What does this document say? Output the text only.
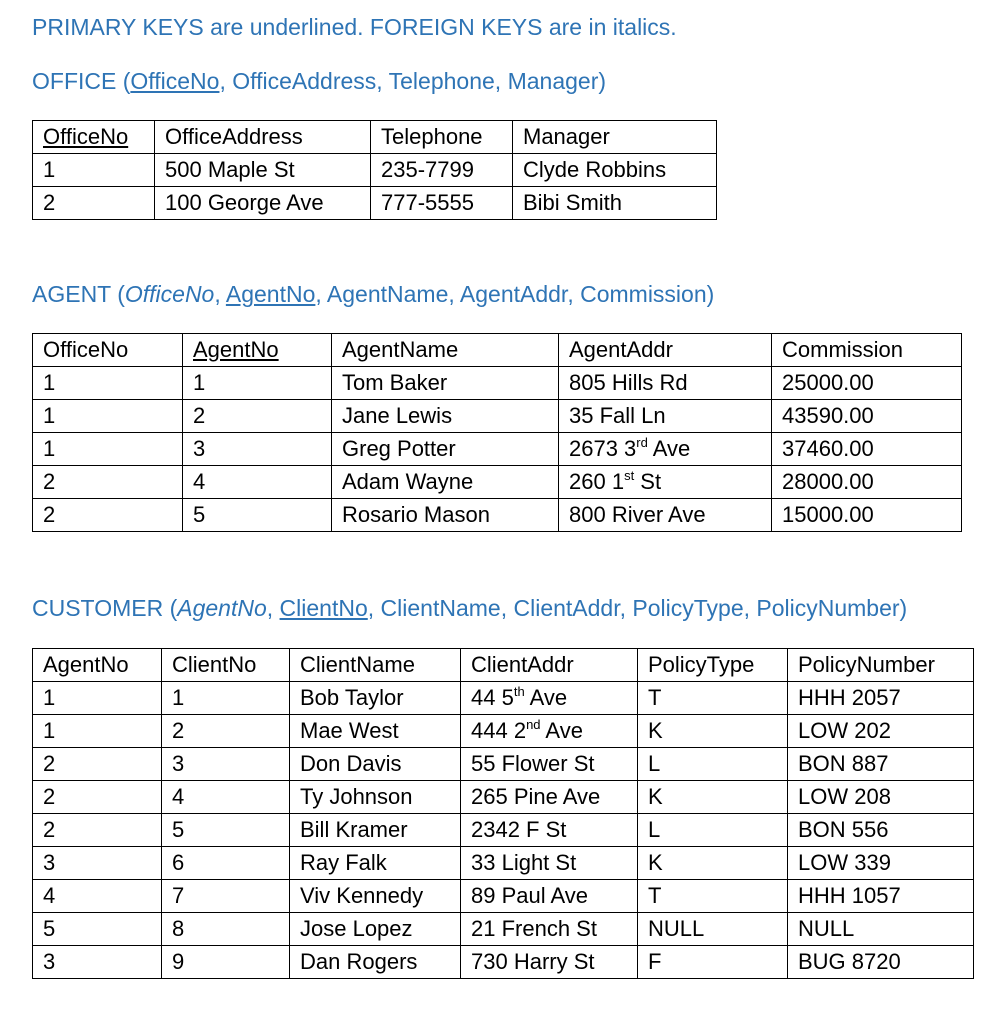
PRIMARY KEYS are underlined. FOREIGN KEYS are in italics.
OFFICE (OfficeNo, OfficeAddress, Telephone, Manager)
OfficeNo	OfficeAddress	Telephone	Manager
1	500 Maple St	235-7799	Clyde Robbins
2	100 George Ave	777-5555	Bibi Smith
AGENT (OfficeNo, AgentNo, AgentName, AgentAddr, Commission)
OfficeNo	AgentNo	AgentName	AgentAddr	Commission
1	1	Tom Baker	805 Hills Rd	25000.00
1	2	Jane Lewis	35 Fall Ln	43590.00
1	3	Greg Potter	2673 3rd Ave	37460.00
2	4	Adam Wayne	260 1st St	28000.00
2	5	Rosario Mason	800 River Ave	15000.00
CUSTOMER (AgentNo, ClientNo, ClientName, ClientAddr, PolicyType, PolicyNumber)
AgentNo	ClientNo	ClientName	ClientAddr	PolicyType	PolicyNumber
1	1	Bob Taylor	44 5th Ave	T	HHH 2057
1	2	Mae West	444 2nd Ave	K	LOW 202
2	3	Don Davis	55 Flower St	L	BON 887
2	4	Ty Johnson	265 Pine Ave	K	LOW 208
2	5	Bill Kramer	2342 F St	L	BON 556
3	6	Ray Falk	33 Light St	K	LOW 339
4	7	Viv Kennedy	89 Paul Ave	T	HHH 1057
5	8	Jose Lopez	21 French St	NULL	NULL
3	9	Dan Rogers	730 Harry St	F	BUG 8720
